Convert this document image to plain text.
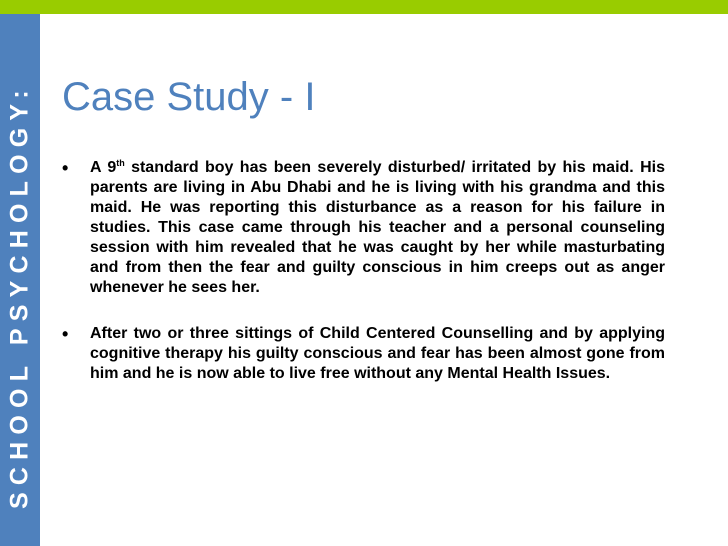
SCHOOL PSYCHOLOGY: Case Study - I
• A 9th standard boy has been severely disturbed/ irritated by his maid. His parents are living in Abu Dhabi and he is living with his grandma and this maid. He was reporting this disturbance as a reason for his failure in studies. This case came through his teacher and a personal counseling session with him revealed that he was caught by her while masturbating and from then the fear and guilty conscious in him creeps out as anger whenever he sees her.
• After two or three sittings of Child Centered Counselling and by applying cognitive therapy his guilty conscious and fear has been almost gone from him and he is now able to live free without any Mental Health Issues.
